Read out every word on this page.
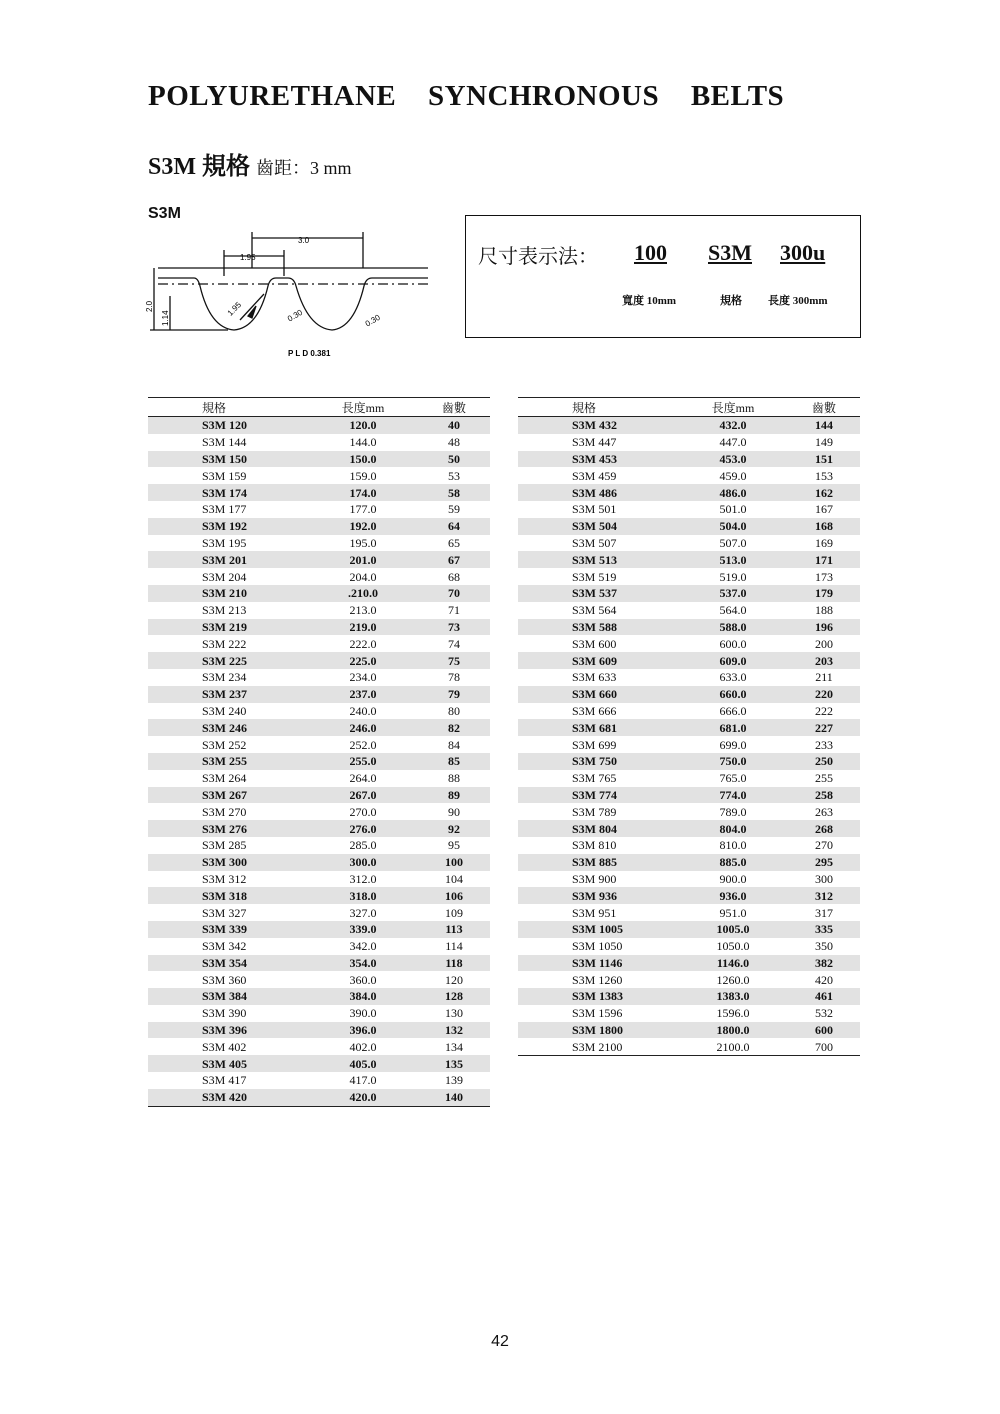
POLYURETHANE SYNCHRONOUS BELTS
S3M 規格 齒距：3 mm
S3M
3.0
1.95
2.0
1.14
1.95	0.30	0.30
P L D 0.381
尺寸表示法： 100 S3M 300u
寬度 10mm	規格 長度 300mm
規格	長度mm	齒數
S3M 120	120.0	40
S3M 144	144.0	48
S3M 150	150.0	50
S3M 159	159.0	53
S3M 174	174.0	58
S3M 177	177.0	59
S3M 192	192.0	64
S3M 195	195.0	65
S3M 201	201.0	67
S3M 204	204.0	68
S3M 210	.210.0	70
S3M 213	213.0	71
S3M 219	219.0	73
S3M 222	222.0	74
S3M 225	225.0	75
S3M 234	234.0	78
S3M 237	237.0	79
S3M 240	240.0	80
S3M 246	246.0	82
S3M 252	252.0	84
S3M 255	255.0	85
S3M 264	264.0	88
S3M 267	267.0	89
S3M 270	270.0	90
S3M 276	276.0	92
S3M 285	285.0	95
S3M 300	300.0	100
S3M 312	312.0	104
S3M 318	318.0	106
S3M 327	327.0	109
S3M 339	339.0	113
S3M 342	342.0	114
S3M 354	354.0	118
S3M 360	360.0	120
S3M 384	384.0	128
S3M 390	390.0	130
S3M 396	396.0	132
S3M 402	402.0	134
S3M 405	405.0	135
S3M 417	417.0	139
S3M 420	420.0	140
規格	長度mm	齒數
S3M 432	432.0	144
S3M 447	447.0	149
S3M 453	453.0	151
S3M 459	459.0	153
S3M 486	486.0	162
S3M 501	501.0	167
S3M 504	504.0	168
S3M 507	507.0	169
S3M 513	513.0	171
S3M 519	519.0	173
S3M 537	537.0	179
S3M 564	564.0	188
S3M 588	588.0	196
S3M 600	600.0	200
S3M 609	609.0	203
S3M 633	633.0	211
S3M 660	660.0	220
S3M 666	666.0	222
S3M 681	681.0	227
S3M 699	699.0	233
S3M 750	750.0	250
S3M 765	765.0	255
S3M 774	774.0	258
S3M 789	789.0	263
S3M 804	804.0	268
S3M 810	810.0	270
S3M 885	885.0	295
S3M 900	900.0	300
S3M 936	936.0	312
S3M 951	951.0	317
S3M 1005	1005.0	335
S3M 1050	1050.0	350
S3M 1146	1146.0	382
S3M 1260	1260.0	420
S3M 1383	1383.0	461
S3M 1596	1596.0	532
S3M 1800	1800.0	600
S3M 2100	2100.0	700
42
